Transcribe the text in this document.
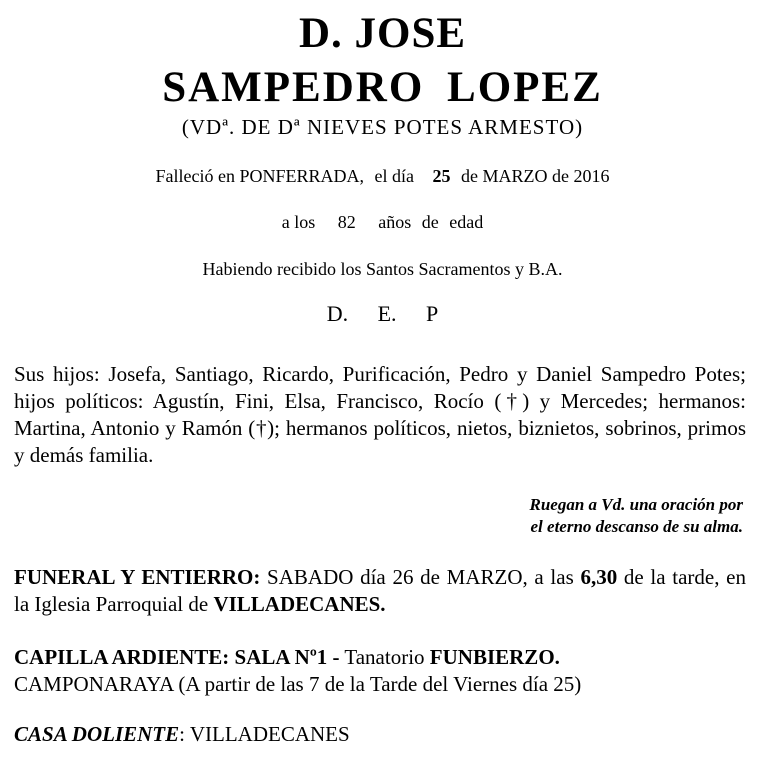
D. JOSE
SAMPEDRO LOPEZ
(VDª. DE Dª NIEVES POTES ARMESTO)
Falleció en PONFERRADA, el día 25 de MARZO de 2016
a los 82 años de edad
Habiendo recibido los Santos Sacramentos y B.A.
D. E. P
Sus hijos: Josefa, Santiago, Ricardo, Purificación, Pedro y Daniel Sampedro Potes; hijos políticos: Agustín, Fini, Elsa, Francisco, Rocío (†) y Mercedes; hermanos: Martina, Antonio y Ramón (†); hermanos políticos, nietos, biznietos, sobrinos, primos y demás familia.
Ruegan a Vd. una oración por
el eterno descanso de su alma.
FUNERAL Y ENTIERRO: SABADO día 26 de MARZO, a las 6,30 de la tarde, en la Iglesia Parroquial de VILLADECANES.
CAPILLA ARDIENTE: SALA Nº1 - Tanatorio FUNBIERZO.
CAMPONARAYA (A partir de las 7 de la Tarde del Viernes día 25)
CASA DOLIENTE: VILLADECANES
